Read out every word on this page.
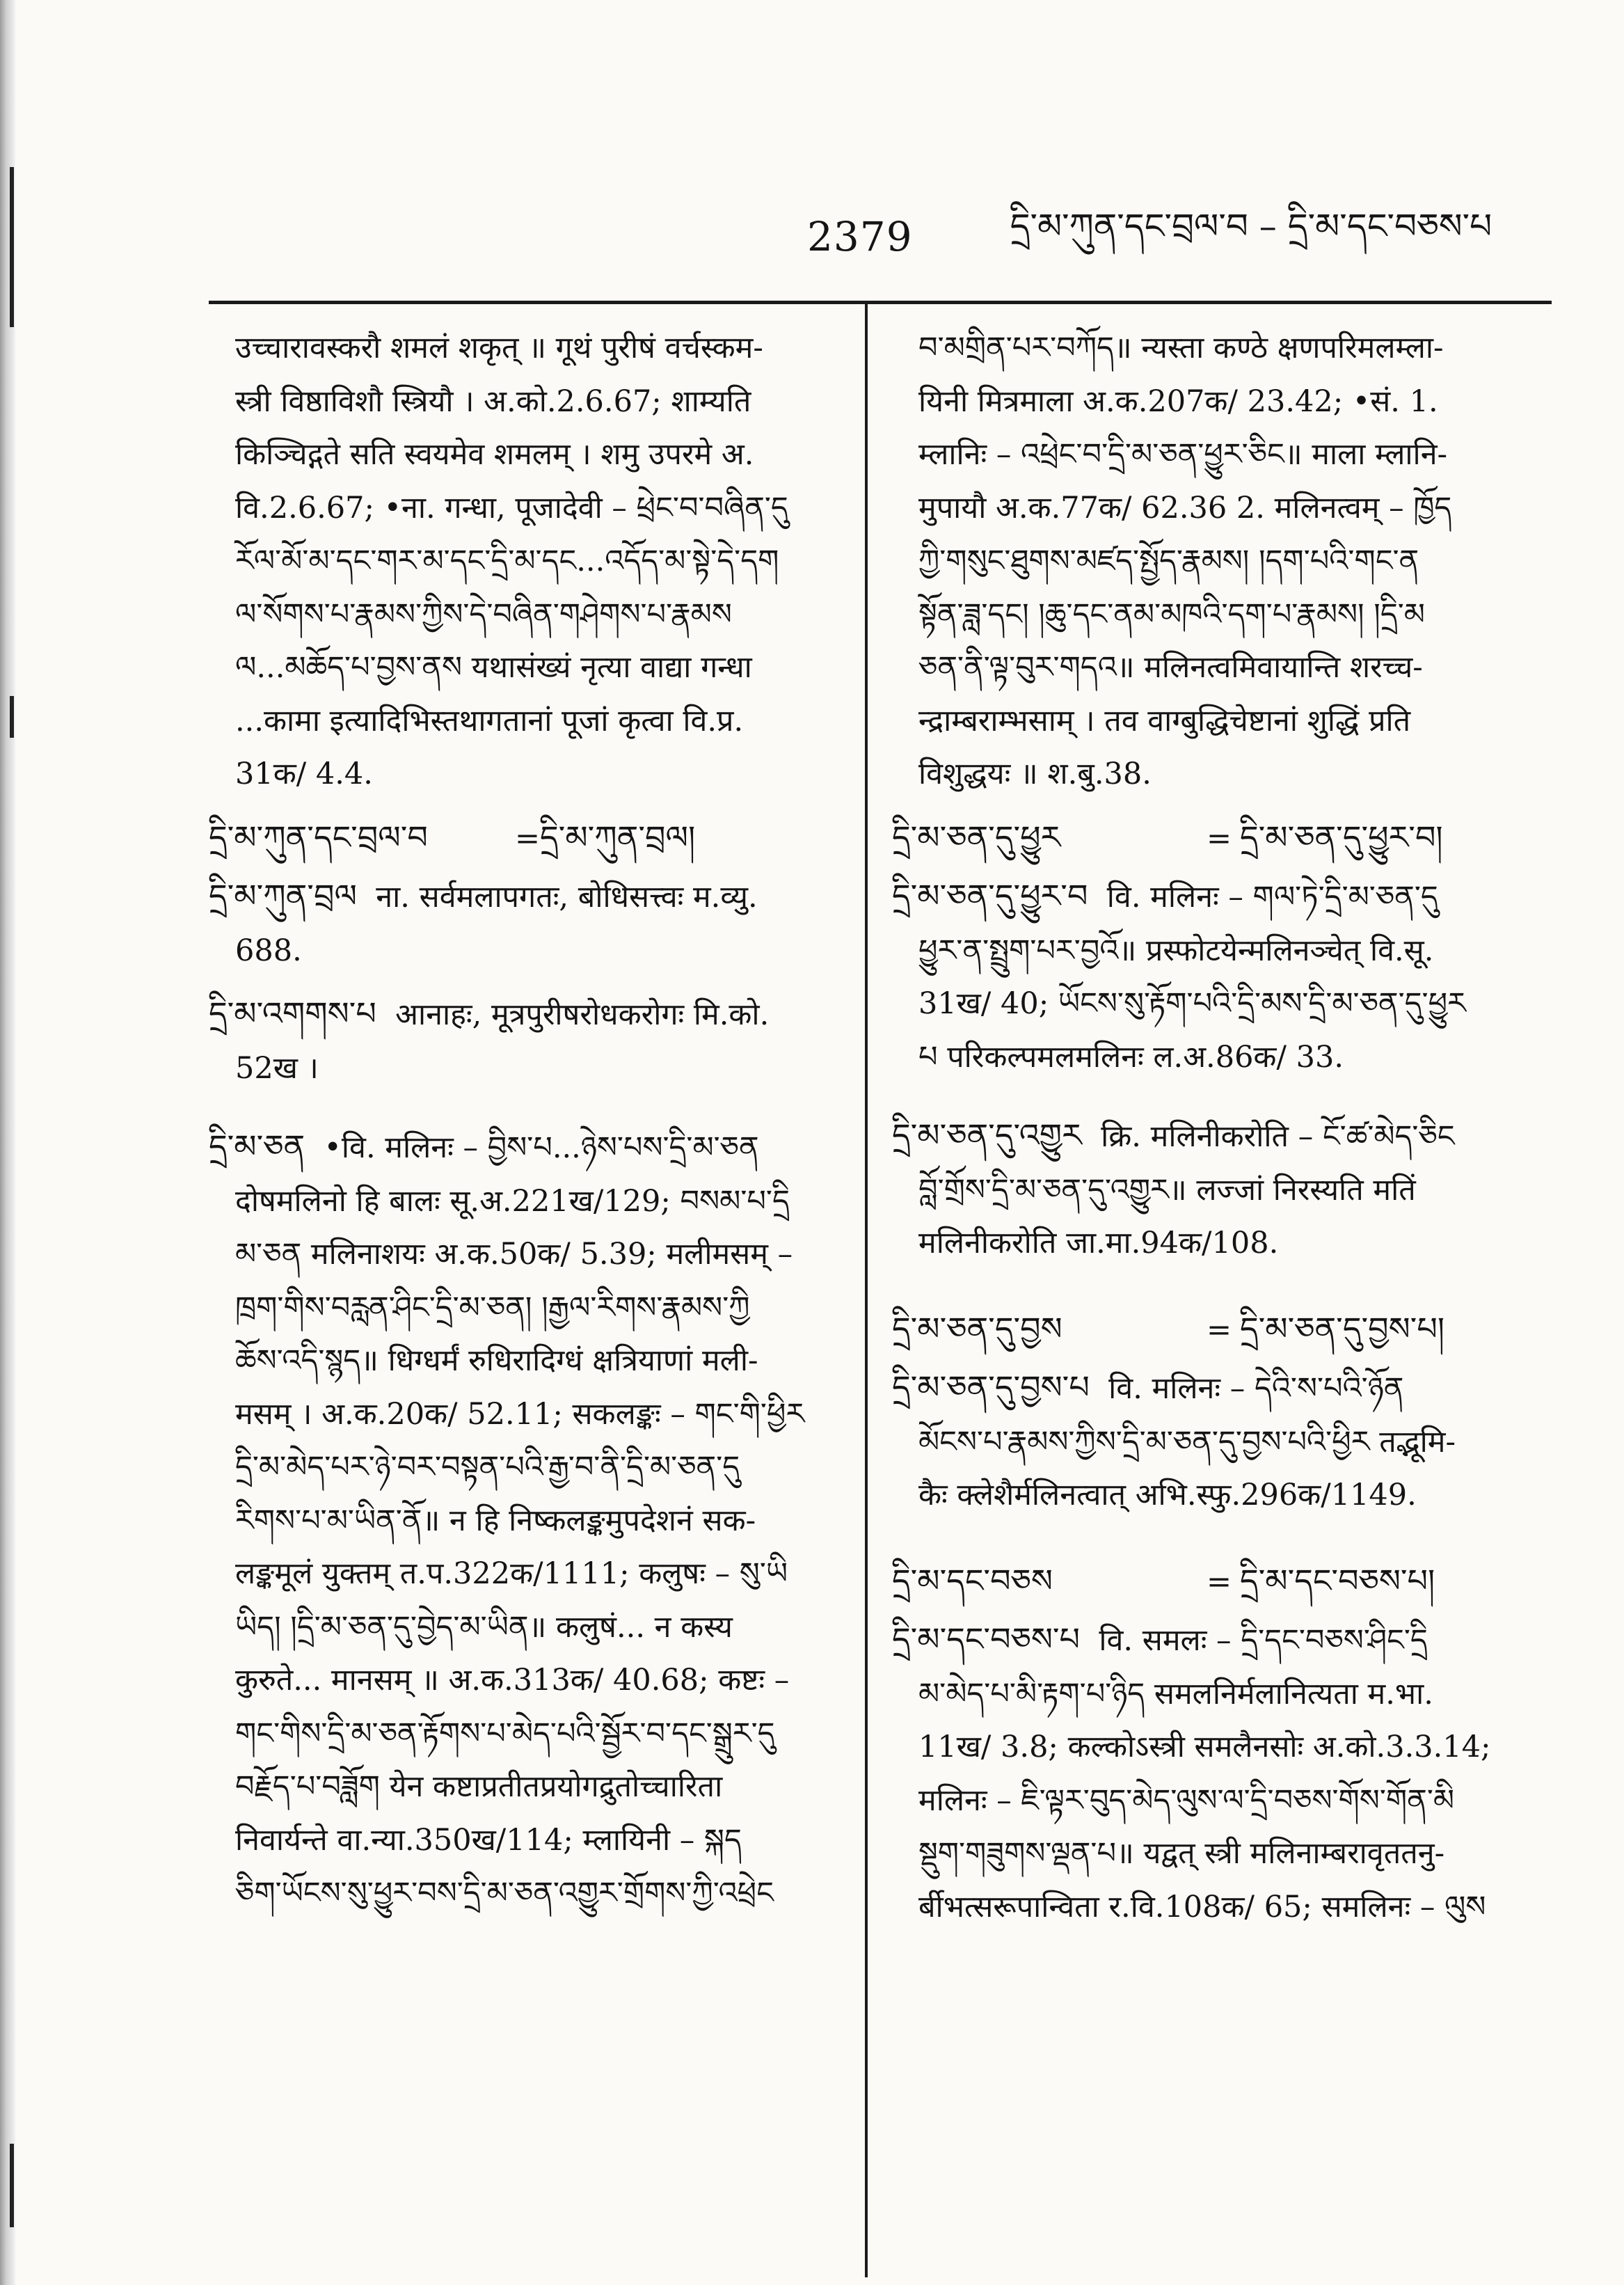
2379	དྲི་མ་ཀུན་དང་བྲལ་བ – དྲི་མ་དང་བཅས་པ

उच्चारावस्करौ शमलं शकृत् ॥ गूथं पुरीषं वर्चस्कम-

स्त्री विष्ठाविशौ स्त्रियौ । अ.को.2.6.67; शाम्यति

किञ्चिद्गते सति स्वयमेव शमलम् । शमु उपरमे अ.

वि.2.6.67; •ना. गन्धा, पूजादेवी – ཕྲེང་བ་བཞིན་དུ

རོལ་མོ་མ་དང་གར་མ་དང་དྲི་མ་དང...འདོད་མ་སྟེ་དེ་དག

ལ་སོགས་པ་རྣམས་ཀྱིས་དེ་བཞིན་གཤེགས་པ་རྣམས

ལ...མཆོད་པ་བྱས་ནས यथासंख्यं नृत्या वाद्या गन्धा

...कामा इत्यादिभिस्तथागतानां पूजां कृत्वा वि.प्र.

31क/ 4.4.

དྲི་མ་ཀུན་དང་བྲལ་བ	= དྲི་མ་ཀུན་བྲལ།

དྲི་མ་ཀུན་བྲལ ना. सर्वमलापगतः, बोधिसत्त्वः म.व्यु.

688.

དྲི་མ་འགགས་པ आनाहः, मूत्रपुरीषरोधकरोगः मि.को.

52ख ।

དྲི་མ་ཅན •वि. मलिनः – བྱིས་པ...ཉེས་པས་དྲི་མ་ཅན

दोषमलिनो हि बालः सू.अ.221ख/129; བསམ་པ་དྲི

མ་ཅན मलिनाशयः अ.क.50क/ 5.39; मलीमसम् –

ཁྲག་གིས་བརླན་ཤིང་དྲི་མ་ཅན། །རྒྱལ་རིགས་རྣམས་ཀྱི

ཆོས་འདི་སྙད॥ धिग्धर्मं रुधिरादिग्धं क्षत्रियाणां मली-

मसम् । अ.क.20क/ 52.11; सकलङ्कः – གང་གི་ཕྱིར

དྲི་མ་མེད་པར་ཉེ་བར་བསྟན་པའི་རྒྱ་བ་ནི་དྲི་མ་ཅན་དུ

རིགས་པ་མ་ཡིན་ནོ॥ न हि निष्कलङ्कमुपदेशनं सक-

लङ्कमूलं युक्तम् त.प.322क/1111; कलुषः – སུ་ཡི

ཡིད། །དྲི་མ་ཅན་དུ་བྱེད་མ་ཡིན॥ कलुषं... न कस्य

कुरुते... मानसम् ॥ अ.क.313क/ 40.68; कष्टः –

གང་གིས་དྲི་མ་ཅན་རྟོགས་པ་མེད་པའི་སྦྱོར་བ་དང་སྒྲུར་དུ

བརྗོད་པ་བཟློག येन कष्टाप्रतीतप्रयोगद्रुतोच्चारिता

निवार्यन्ते वा.न्या.350ख/114; म्लायिनी – སྐད

ཅིག་ཡོངས་སུ་ཕྱུར་བས་དྲི་མ་ཅན་འགྱུར་གྲོགས་ཀྱི་འཕྲེང

བ་མགྲིན་པར་བཀོད॥ न्यस्ता कण्ठे क्षणपरिमलम्ला-

यिनी मित्रमाला अ.क.207क/ 23.42; •सं. 1.

म्लानिः – འཕྲེང་བ་དྲི་མ་ཅན་ཕྱུར་ཅིང॥ माला म्लानि-

मुपायौ अ.क.77क/ 62.36 2. मलिनत्वम् – ཁྱོད

ཀྱི་གསུང་ཐུགས་མཛད་སྤྱོད་རྣམས། །དག་པའི་གང་ན

སྟོན་ཟླ་དང། །ཆུ་དང་ནམ་མཁའི་དག་པ་རྣམས། །དྲི་མ

ཅན་ནི་ལྟ་བུར་གདའ॥ मलिनत्वमिवायान्ति शरच्च-

न्द्राम्बराम्भसाम् । तव वाग्बुद्धिचेष्टानां शुद्धिं प्रति

विशुद्धयः ॥ श.बु.38.

དྲི་མ་ཅན་དུ་ཕྱུར	= དྲི་མ་ཅན་དུ་ཕྱུར་བ།

དྲི་མ་ཅན་དུ་ཕྱུར་བ वि. मलिनः – གལ་ཏེ་དྲི་མ་ཅན་དུ

ཕྱུར་ན་སྤྲུག་པར་བྱའོ॥ प्रस्फोटयेन्मलिनञ्चेत् वि.सू.

31ख/ 40; ཡོངས་སུ་རྟོག་པའི་དྲི་མས་དྲི་མ་ཅན་དུ་ཕྱུར

པ परिकल्पमलमलिनः ल.अ.86क/ 33.

དྲི་མ་ཅན་དུ་འགྱུར क्रि. मलिनीकरोति – ངོ་ཚ་མེད་ཅིང

བློ་གྲོས་དྲི་མ་ཅན་དུ་འགྱུར॥ लज्जां निरस्यति मतिं

मलिनीकरोति जा.मा.94क/108.

དྲི་མ་ཅན་དུ་བྱས	= དྲི་མ་ཅན་དུ་བྱས་པ།

དྲི་མ་ཅན་དུ་བྱས་པ वि. मलिनः – དེའི་ས་པའི་ཉོན

མོངས་པ་རྣམས་ཀྱིས་དྲི་མ་ཅན་དུ་བྱས་པའི་ཕྱིར तद्भूमि-

कैः क्लेशैर्मलिनत्वात् अभि.स्फु.296क/1149.

དྲི་མ་དང་བཅས	= དྲི་མ་དང་བཅས་པ།

དྲི་མ་དང་བཅས་པ वि. समलः – དྲི་དང་བཅས་ཤིང་དྲི

མ་མེད་པ་མི་རྟག་པ་ཉིད समलनिर्मलानित्यता म.भा.

11ख/ 3.8; कल्कोऽस्त्री समलैनसोः अ.को.3.3.14;

मलिनः – ཇི་ལྟར་བུད་མེད་ལུས་ལ་དྲི་བཅས་གོས་གོན་མི

སྡུག་གཟུགས་ལྡན་པ॥ यद्वत् स्त्री मलिनाम्बरावृततनु-

र्बीभत्सरूपान्विता र.वि.108क/ 65; समलिनः – ལུས
